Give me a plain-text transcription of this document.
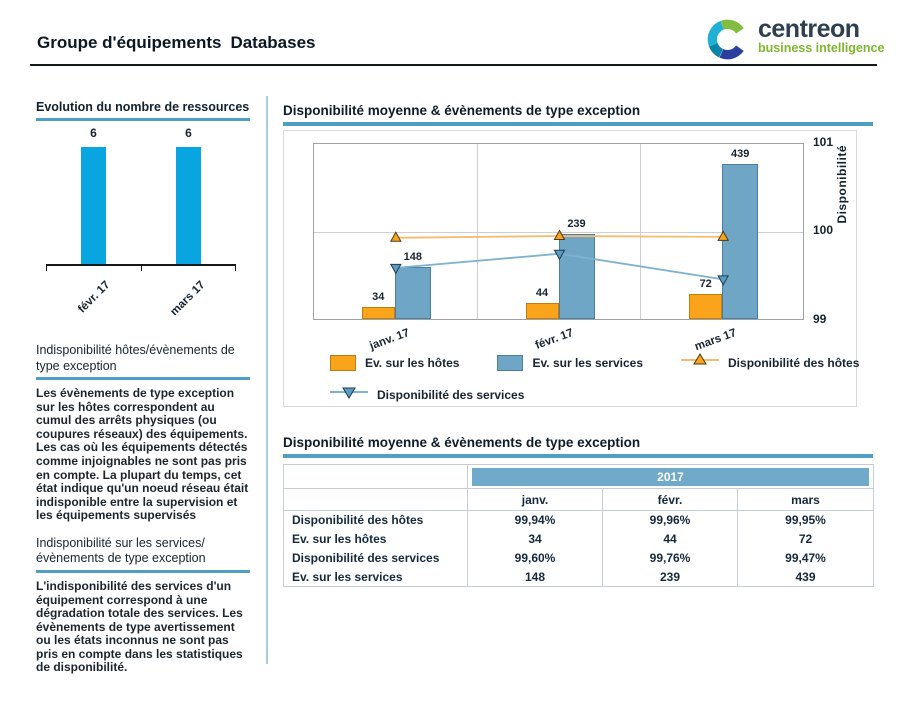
Groupe d'équipements Databases	centreon
business intelligence
Evolution du nombre de ressources
6	6
févr. 17	mars 17
Indisponibilité hôtes/évènements de type exception
Les évènements de type exception sur les hôtes correspondent au cumul des arrêts physiques (ou coupures réseaux) des équipements. Les cas où les équipements détectés comme injoignables ne sont pas pris en compte. La plupart du temps, cet état indique qu'un noeud réseau était indisponible entre la supervision et les équipements supervisés
Indisponibilité sur les services/ évènements de type exception
L'indisponibilité des services d'un équipement correspond à une dégradation totale des services. Les évènements de type avertissement ou les états inconnus ne sont pas pris en compte dans les statistiques de disponibilité.
Disponibilité moyenne & évènements de type exception
34
148
44
239
72
439
101
100
99
Disponibilité
janv. 17	févr. 17	mars 17
Ev. sur les hôtes	Ev. sur les services	Disponibilité des hôtes
Disponibilité des services
Disponibilité moyenne & évènements de type exception

	2017		

	janv.	févr.	mars
Disponibilité des hôtes	99,94%	99,96%	99,95%
Ev. sur les hôtes	34	44	72
Disponibilité des services	99,60%	99,76%	99,47%
Ev. sur les services	148	239	439
